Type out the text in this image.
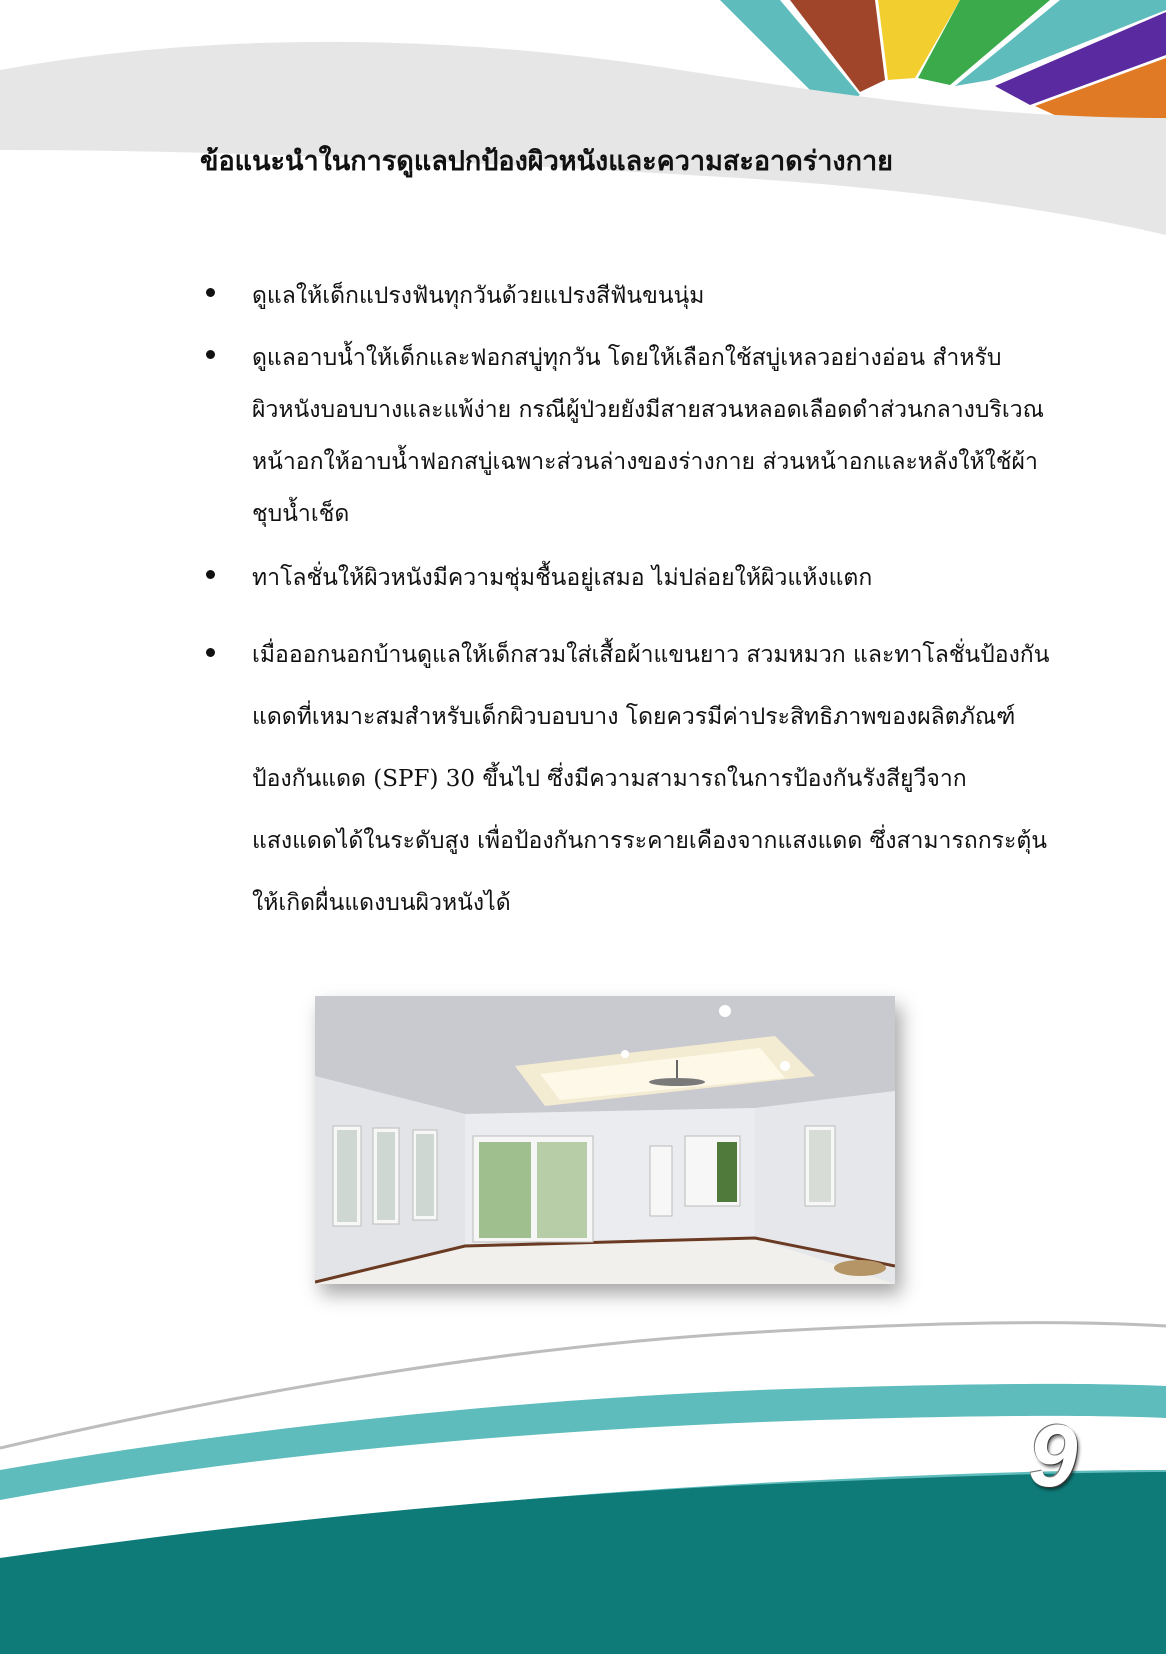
ข้อแนะนำในการดูแลปกป้องผิวหนังและความสะอาดร่างกาย
ดูแลให้เด็กแปรงฟันทุกวันด้วยแปรงสีฟันขนนุ่ม
ดูแลอาบน้ำให้เด็กและฟอกสบู่ทุกวัน โดยให้เลือกใช้สบู่เหลวอย่างอ่อน สำหรับผิวหนังบอบบางและแพ้ง่าย กรณีผู้ป่วยยังมีสายสวนหลอดเลือดดำส่วนกลางบริเวณหน้าอกให้อาบน้ำฟอกสบู่เฉพาะส่วนล่างของร่างกาย ส่วนหน้าอกและหลังให้ใช้ผ้าชุบน้ำเช็ด
ทาโลชั่นให้ผิวหนังมีความชุ่มชื้นอยู่เสมอ ไม่ปล่อยให้ผิวแห้งแตก
เมื่อออกนอกบ้านดูแลให้เด็กสวมใส่เสื้อผ้าแขนยาว สวมหมวก และทาโลชั่นป้องกันแดดที่เหมาะสมสำหรับเด็กผิวบอบบาง โดยควรมีค่าประสิทธิภาพของผลิตภัณฑ์ป้องกันแดด (SPF) 30 ขึ้นไป ซึ่งมีความสามารถในการป้องกันรังสียูวีจากแสงแดดได้ในระดับสูง เพื่อป้องกันการระคายเคืองจากแสงแดด ซึ่งสามารถกระตุ้นให้เกิดผื่นแดงบนผิวหนังได้
9
